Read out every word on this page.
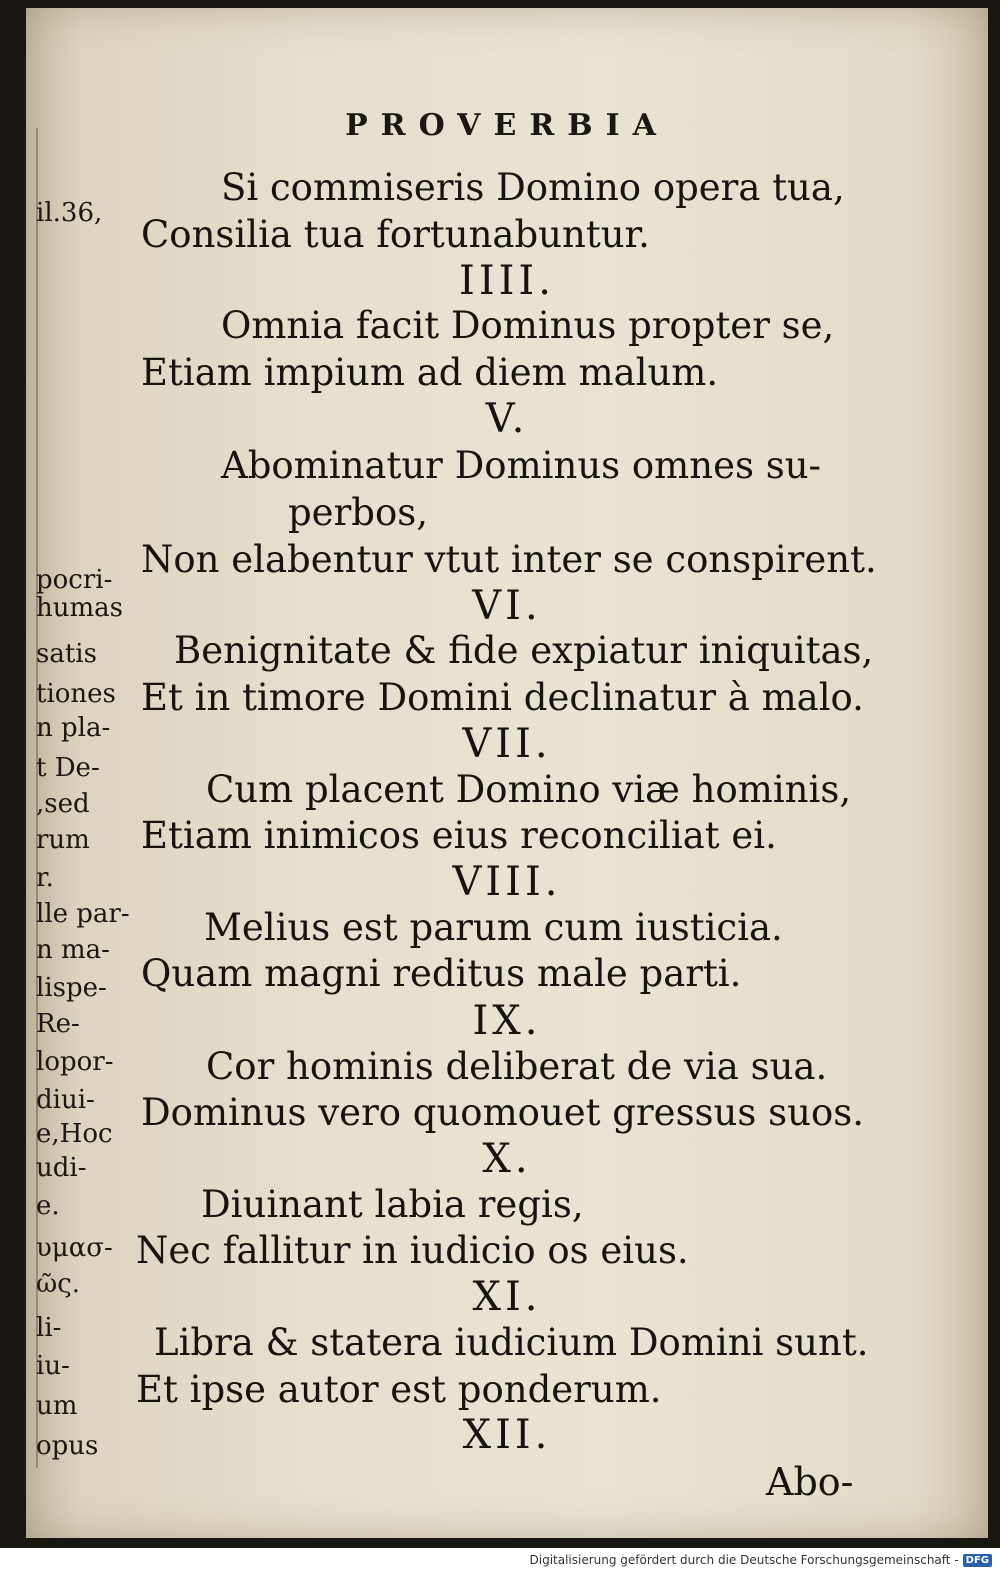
PROVERBIA
il.36,
pocri-
humas
satis
tiones
n pla-
t De-
,sed
rum
r.
lle par-
n ma-
lispe-
Re-
lopor-
diui-
e,Hoc
udi-
e.
υμασ-
ῶς.
li-
iu-
um
opus
Si commiseris Domino opera tua,
Consilia tua fortunabuntur.
IIII.
Omnia facit Dominus propter se,
Etiam impium ad diem malum.
V.
Abominatur Dominus omnes su-
perbos,
Non elabentur vtut inter se conspirent.
VI.
Benignitate & fide expiatur iniquitas,
Et in timore Domini declinatur à malo.
VII.
Cum placent Domino viæ hominis,
Etiam inimicos eius reconciliat ei.
VIII.
Melius est parum cum iusticia.
Quam magni reditus male parti.
IX.
Cor hominis deliberat de via sua.
Dominus vero quomouet gressus suos.
X.
Diuinant labia regis,
Nec fallitur in iudicio os eius.
XI.
Libra & statera iudicium Domini sunt.
Et ipse autor est ponderum.
XII.
Abo-
Digitalisierung gefördert durch die Deutsche Forschungsgemeinschaft - DFG
